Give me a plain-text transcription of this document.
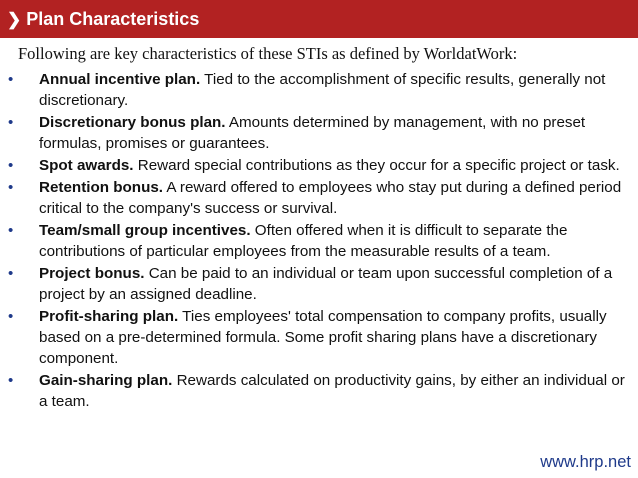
❯ Plan Characteristics
Following are key characteristics of these STIs as defined by WorldatWork:
• Annual incentive plan. Tied to the accomplishment of specific results, generally not discretionary.
• Discretionary bonus plan. Amounts determined by management, with no preset formulas, promises or guarantees.
• Spot awards. Reward special contributions as they occur for a specific project or task.
• Retention bonus. A reward offered to employees who stay put during a defined period critical to the company's success or survival.
• Team/small group incentives. Often offered when it is difficult to separate the contributions of particular employees from the measurable results of a team.
• Project bonus. Can be paid to an individual or team upon successful completion of a project by an assigned deadline.
• Profit-sharing plan. Ties employees' total compensation to company profits, usually based on a pre-determined formula. Some profit sharing plans have a discretionary component.
• Gain-sharing plan. Rewards calculated on productivity gains, by either an individual or a team.
www.hrp.net
